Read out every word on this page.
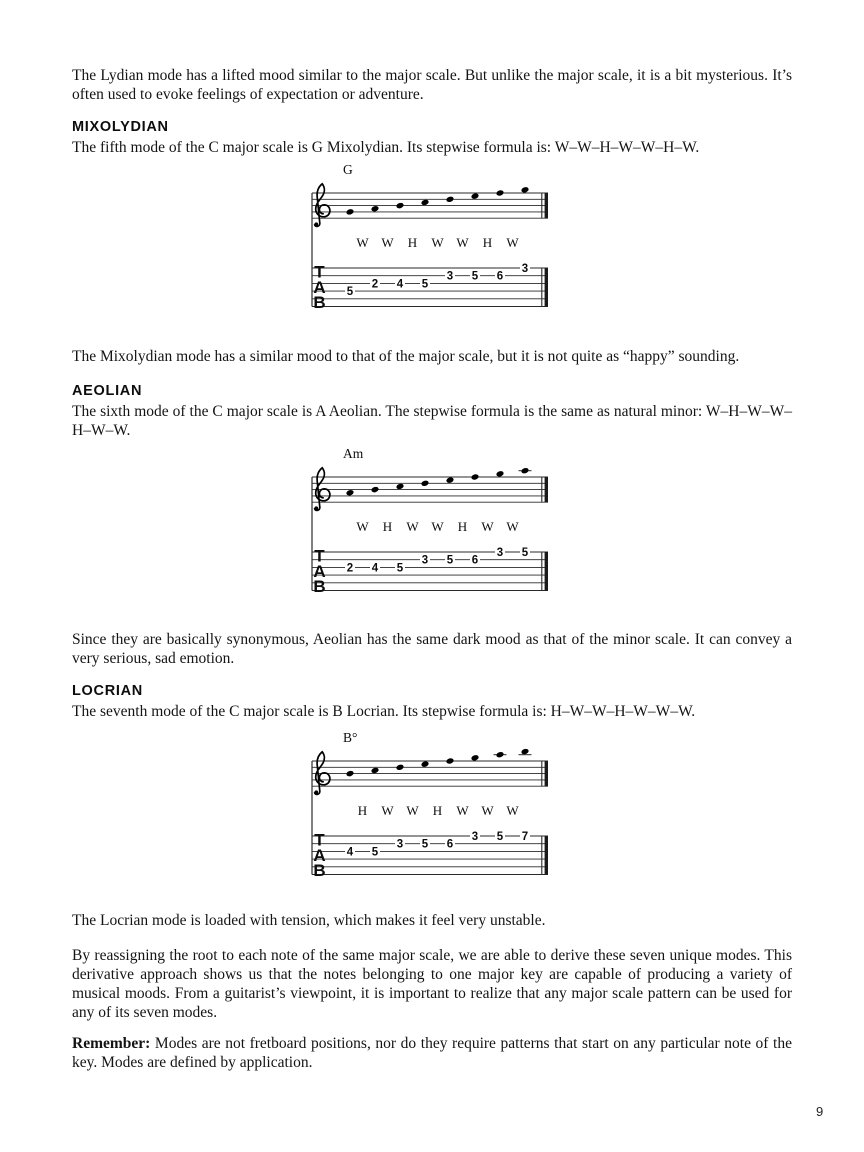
The Lydian mode has a lifted mood similar to the major scale. But unlike the major scale, it is a bit mysterious. It’s often used to evoke feelings of expectation or adventure.

MIXOLYDIAN

The fifth mode of the C major scale is G Mixolydian. Its stepwise formula is: W–W–H–W–W–H–W.

G
W W H W W H W
T
A
B
5
2 4 5
3 5 6
3

The Mixolydian mode has a similar mood to that of the major scale, but it is not quite as “happy” sounding.

AEOLIAN

The sixth mode of the C major scale is A Aeolian. The stepwise formula is the same as natural minor: W–H–W–W–H–W–W.

Am
W H W W H W W
T
A
B
2 4 5
3 5 6
3 5

Since they are basically synonymous, Aeolian has the same dark mood as that of the minor scale. It can convey a very serious, sad emotion.

LOCRIAN

The seventh mode of the C major scale is B Locrian. Its stepwise formula is: H–W–W–H–W–W–W.

B°
H W W H W W W
T
A
B
4 5
3 5 6
3 5 7

The Locrian mode is loaded with tension, which makes it feel very unstable.

By reassigning the root to each note of the same major scale, we are able to derive these seven unique modes. This derivative approach shows us that the notes belonging to one major key are capable of producing a variety of musical moods. From a guitarist’s viewpoint, it is important to realize that any major scale pattern can be used for any of its seven modes.

Remember: Modes are not fretboard positions, nor do they require patterns that start on any particular note of the key. Modes are defined by application.

9
